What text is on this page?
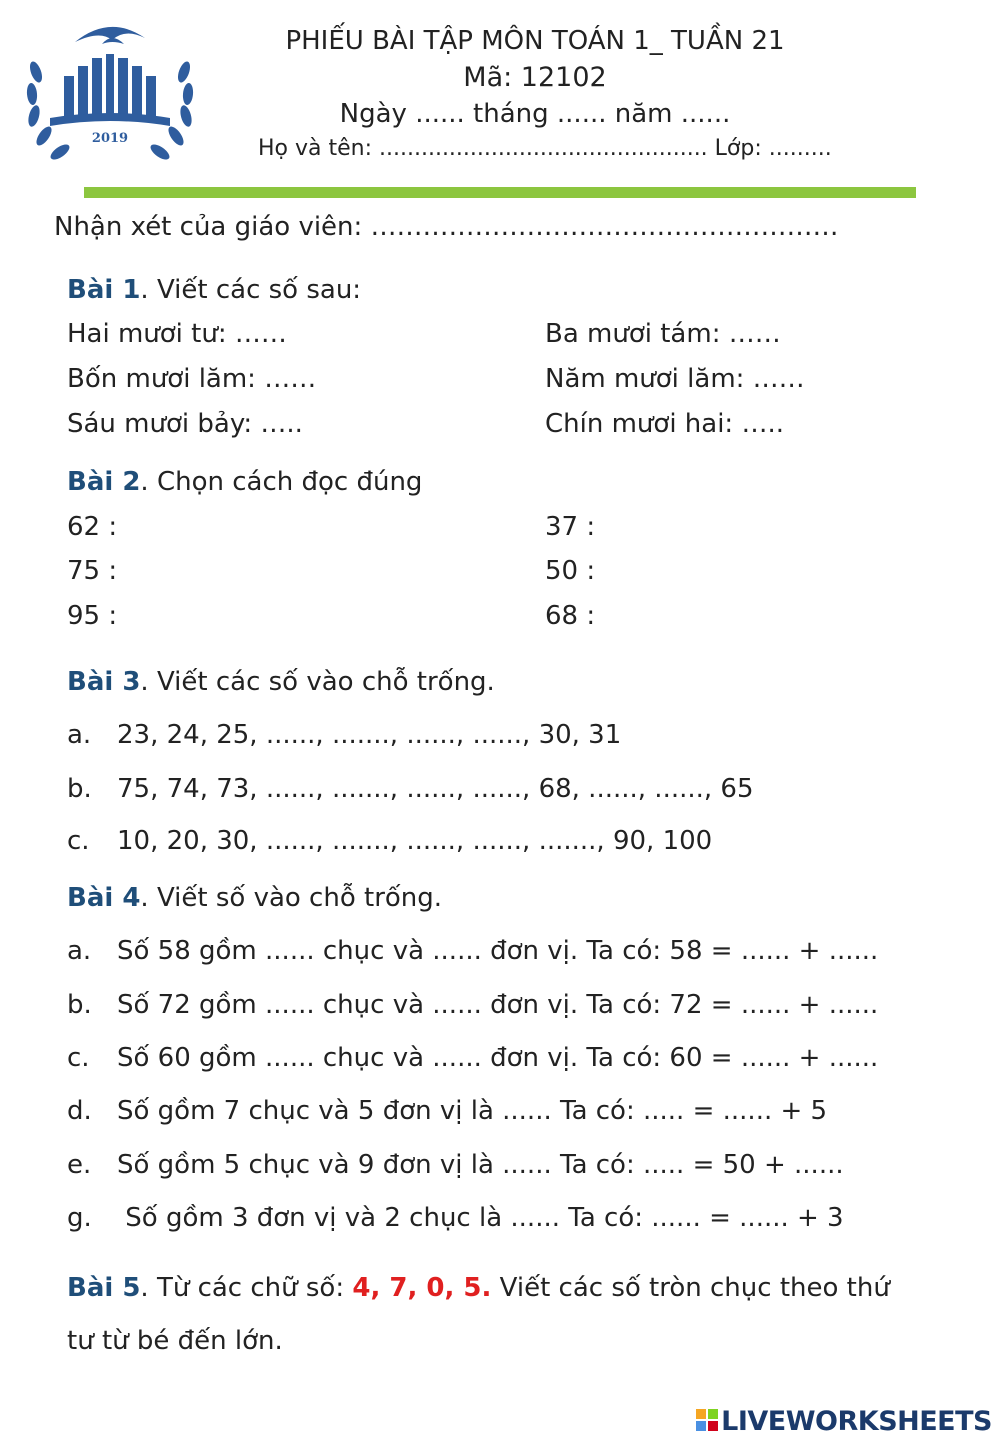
2019
PHIẾU BÀI TẬP MÔN TOÁN 1_ TUẦN 21
Mã: 12102
Ngày ...... tháng ...... năm ......
Họ và tên: ............................................... Lớp: .........
Nhận xét của giáo viên: ………………………………………………
Bài 1. Viết các số sau:
Hai mươi tư: ……
Bốn mươi lăm: ……
Sáu mươi bảy: …..
Ba mươi tám: ……
Năm mươi lăm: ……
Chín mươi hai: …..
Bài 2. Chọn cách đọc đúng
62 :
75 :
95 :
37 :
50 :
68 :
Bài 3. Viết các số vào chỗ trống.
a. 23, 24, 25, ......, ......., ......, ......, 30, 31
b. 75, 74, 73, ......, ......., ......, ......, 68, ......, ......, 65
c. 10, 20, 30, ......, ......., ......, ......, ......., 90, 100
Bài 4. Viết số vào chỗ trống.
a. Số 58 gồm ...... chục và ...... đơn vị. Ta có: 58 = ...... + ......
b. Số 72 gồm ...... chục và ...... đơn vị. Ta có: 72 = ...... + ......
c. Số 60 gồm ...... chục và ...... đơn vị. Ta có: 60 = ...... + ......
d. Số gồm 7 chục và 5 đơn vị là ...... Ta có: ..... = ...... + 5
e. Số gồm 5 chục và 9 đơn vị là ...... Ta có: ..... = 50 + ......
g. Số gồm 3 đơn vị và 2 chục là ...... Ta có: ...... = ...... + 3
Bài 5. Từ các chữ số: 4, 7, 0, 5. Viết các số tròn chục theo thứ
tư từ bé đến lớn.
LIVEWORKSHEETS
